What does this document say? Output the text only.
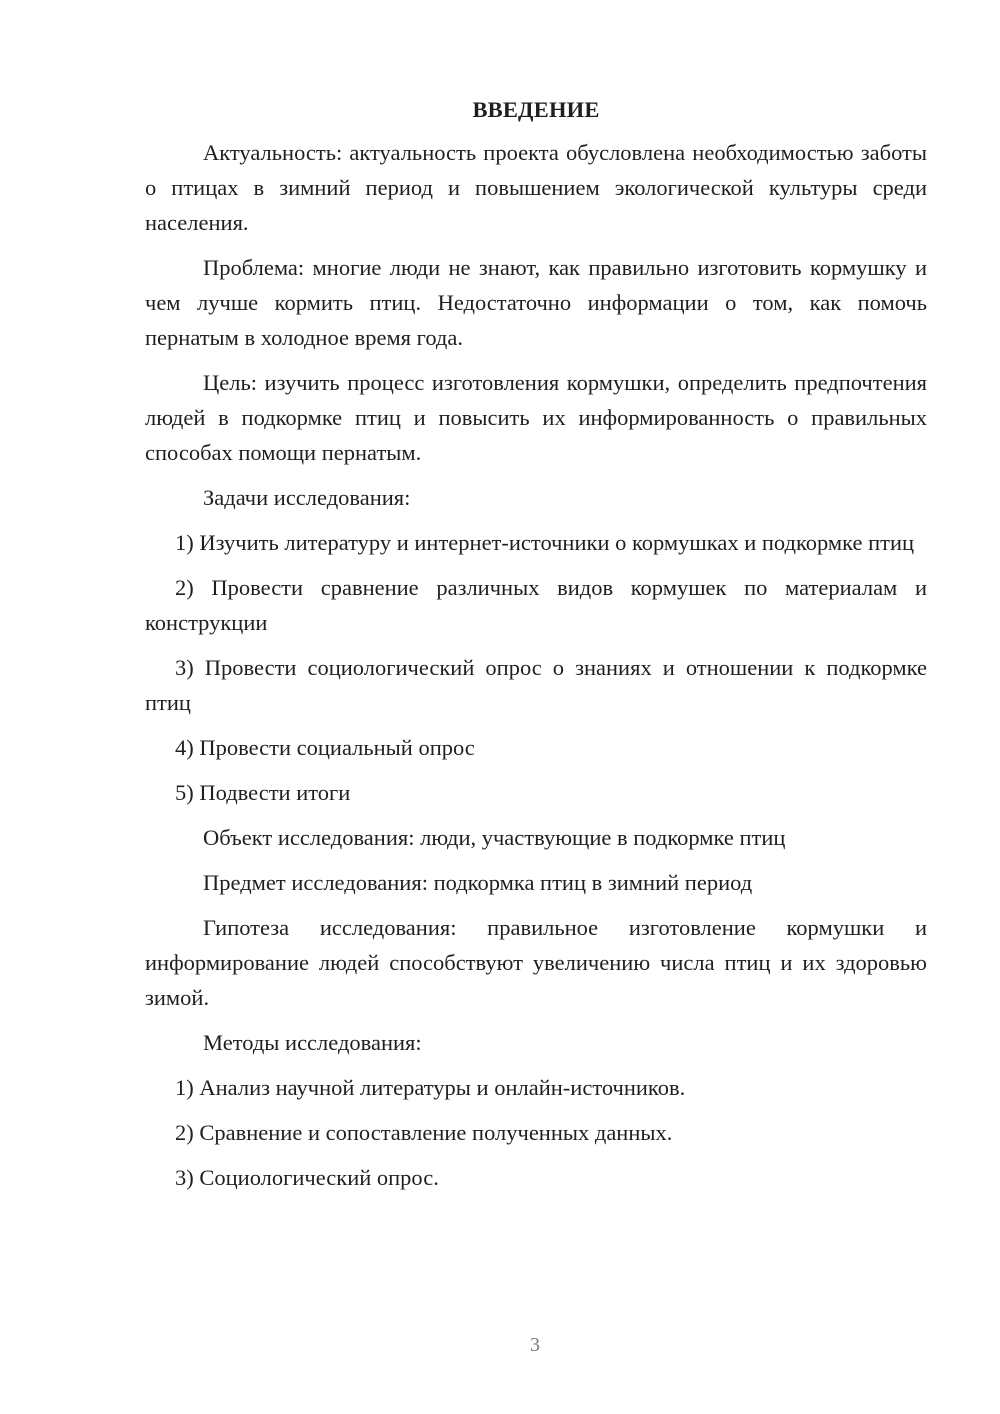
ВВЕДЕНИЕ

Актуальность: актуальность проекта обусловлена необходимостью заботы о птицах в зимний период и повышением экологической культуры среди населения.

Проблема: многие люди не знают, как правильно изготовить кормушку и чем лучше кормить птиц. Недостаточно информации о том, как помочь пернатым в холодное время года.

Цель: изучить процесс изготовления кормушки, определить предпочтения людей в подкормке птиц и повысить их информированность о правильных способах помощи пернатым.

Задачи исследования:

1) Изучить литературу и интернет-источники о кормушках и подкормке птиц

2) Провести сравнение различных видов кормушек по материалам и конструкции

3) Провести социологический опрос о знаниях и отношении к подкормке птиц

4) Провести социальный опрос

5) Подвести итоги

Объект исследования: люди, участвующие в подкормке птиц

Предмет исследования: подкормка птиц в зимний период

Гипотеза исследования: правильное изготовление кормушки и информирование людей способствуют увеличению числа птиц и их здоровью зимой.

Методы исследования:

1) Анализ научной литературы и онлайн-источников.

2) Сравнение и сопоставление полученных данных.

3) Социологический опрос.

3
